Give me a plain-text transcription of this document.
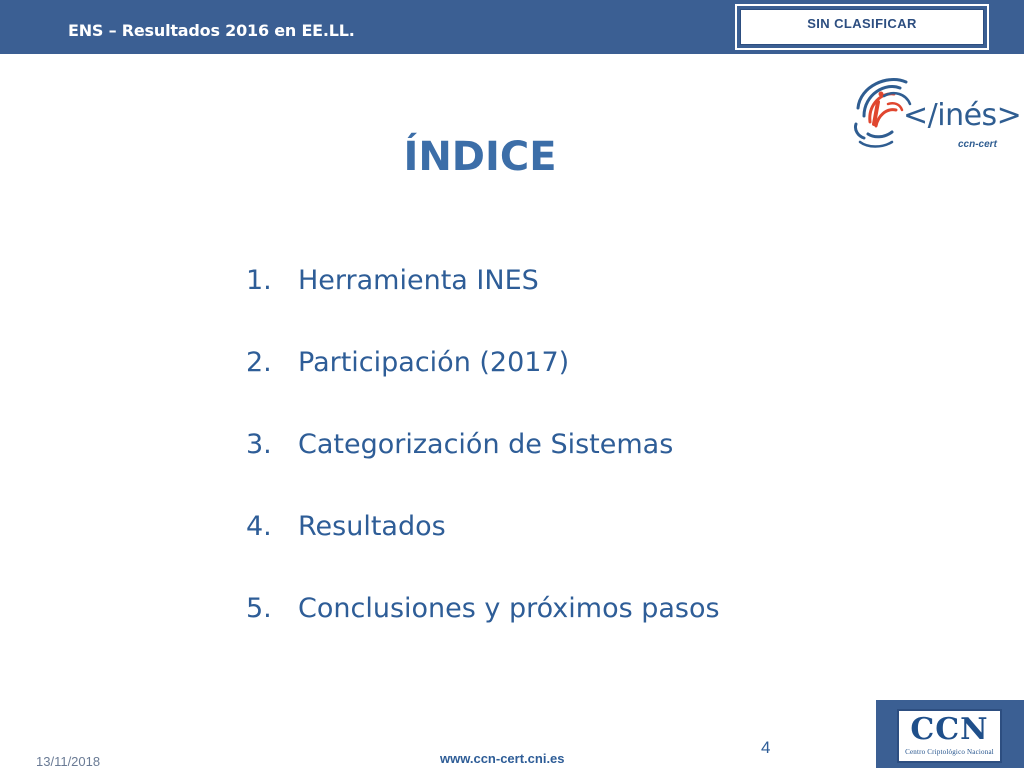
ENS – Resultados 2016 en EE.LL.	SIN CLASIFICAR
</inés>
ccn-cert
ÍNDICE
1. Herramienta INES
2. Participación (2017)
3. Categorización de Sistemas
4. Resultados
5. Conclusiones y próximos pasos
13/11/2018	www.ccn-cert.cni.es
4
CCN
Centro Criptológico Nacional
